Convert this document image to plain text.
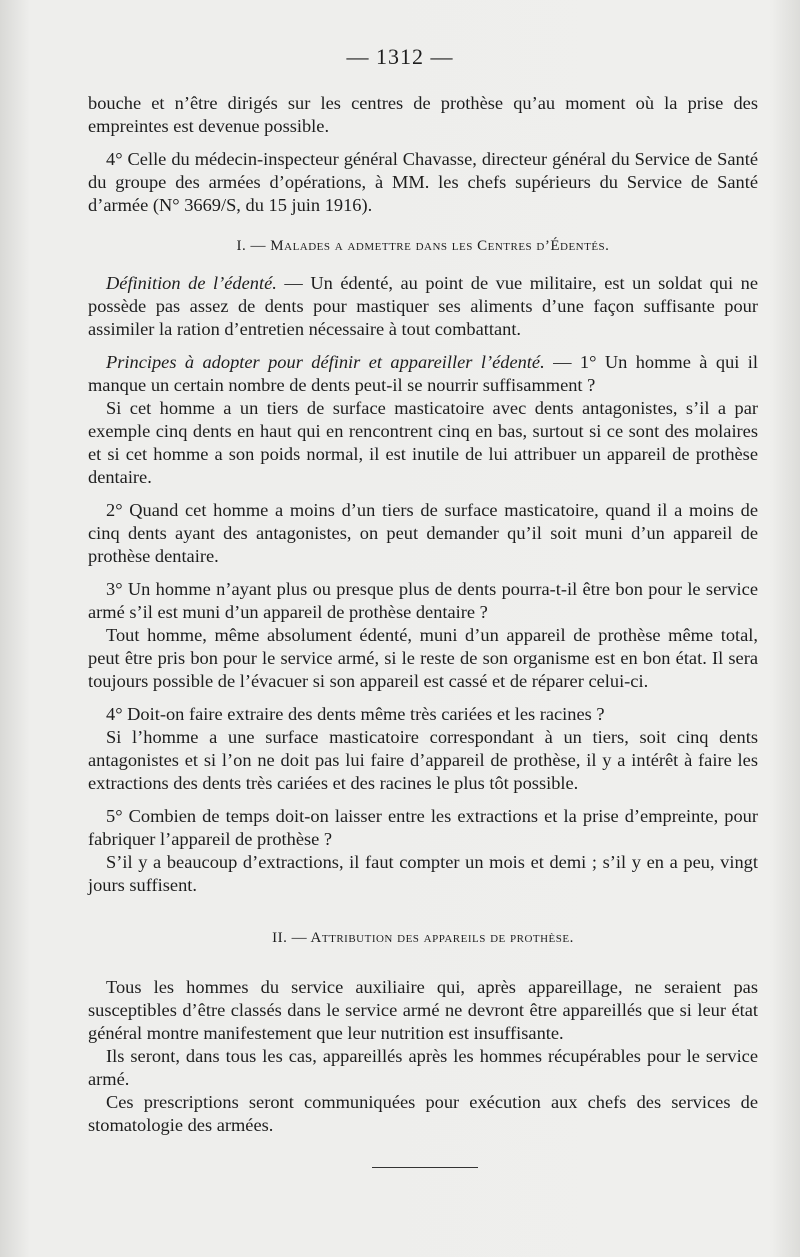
— 1312 —

bouche et n’être dirigés sur les centres de prothèse qu’au moment où la prise des empreintes est devenue possible.

4° Celle du médecin-inspecteur général Chavasse, directeur général du Service de Santé du groupe des armées d’opérations, à MM. les chefs supérieurs du Service de Santé d’armée (N° 3669/S, du 15 juin 1916).

I. — Malades a admettre dans les Centres d’Édentés.

Définition de l’édenté. — Un édenté, au point de vue militaire, est un soldat qui ne possède pas assez de dents pour mastiquer ses aliments d’une façon suffisante pour assimiler la ration d’entretien nécessaire à tout combattant.

Principes à adopter pour définir et appareiller l’édenté. — 1° Un homme à qui il manque un certain nombre de dents peut-il se nourrir suffisamment ?

Si cet homme a un tiers de surface masticatoire avec dents antagonistes, s’il a par exemple cinq dents en haut qui en rencontrent cinq en bas, surtout si ce sont des molaires et si cet homme a son poids normal, il est inutile de lui attribuer un appareil de prothèse dentaire.

2° Quand cet homme a moins d’un tiers de surface masticatoire, quand il a moins de cinq dents ayant des antagonistes, on peut demander qu’il soit muni d’un appareil de prothèse dentaire.

3° Un homme n’ayant plus ou presque plus de dents pourra-t-il être bon pour le service armé s’il est muni d’un appareil de prothèse dentaire ?

Tout homme, même absolument édenté, muni d’un appareil de prothèse même total, peut être pris bon pour le service armé, si le reste de son organisme est en bon état. Il sera toujours possible de l’évacuer si son appareil est cassé et de réparer celui-ci.

4° Doit-on faire extraire des dents même très cariées et les racines ?

Si l’homme a une surface masticatoire correspondant à un tiers, soit cinq dents antagonistes et si l’on ne doit pas lui faire d’appareil de prothèse, il y a intérêt à faire les extractions des dents très cariées et des racines le plus tôt possible.

5° Combien de temps doit-on laisser entre les extractions et la prise d’empreinte, pour fabriquer l’appareil de prothèse ?

S’il y a beaucoup d’extractions, il faut compter un mois et demi ; s’il y en a peu, vingt jours suffisent.

II. — Attribution des appareils de prothèse.

Tous les hommes du service auxiliaire qui, après appareillage, ne seraient pas susceptibles d’être classés dans le service armé ne devront être appareillés que si leur état général montre manifestement que leur nutrition est insuffisante.

Ils seront, dans tous les cas, appareillés après les hommes récupérables pour le service armé.

Ces prescriptions seront communiquées pour exécution aux chefs des services de stomatologie des armées.
